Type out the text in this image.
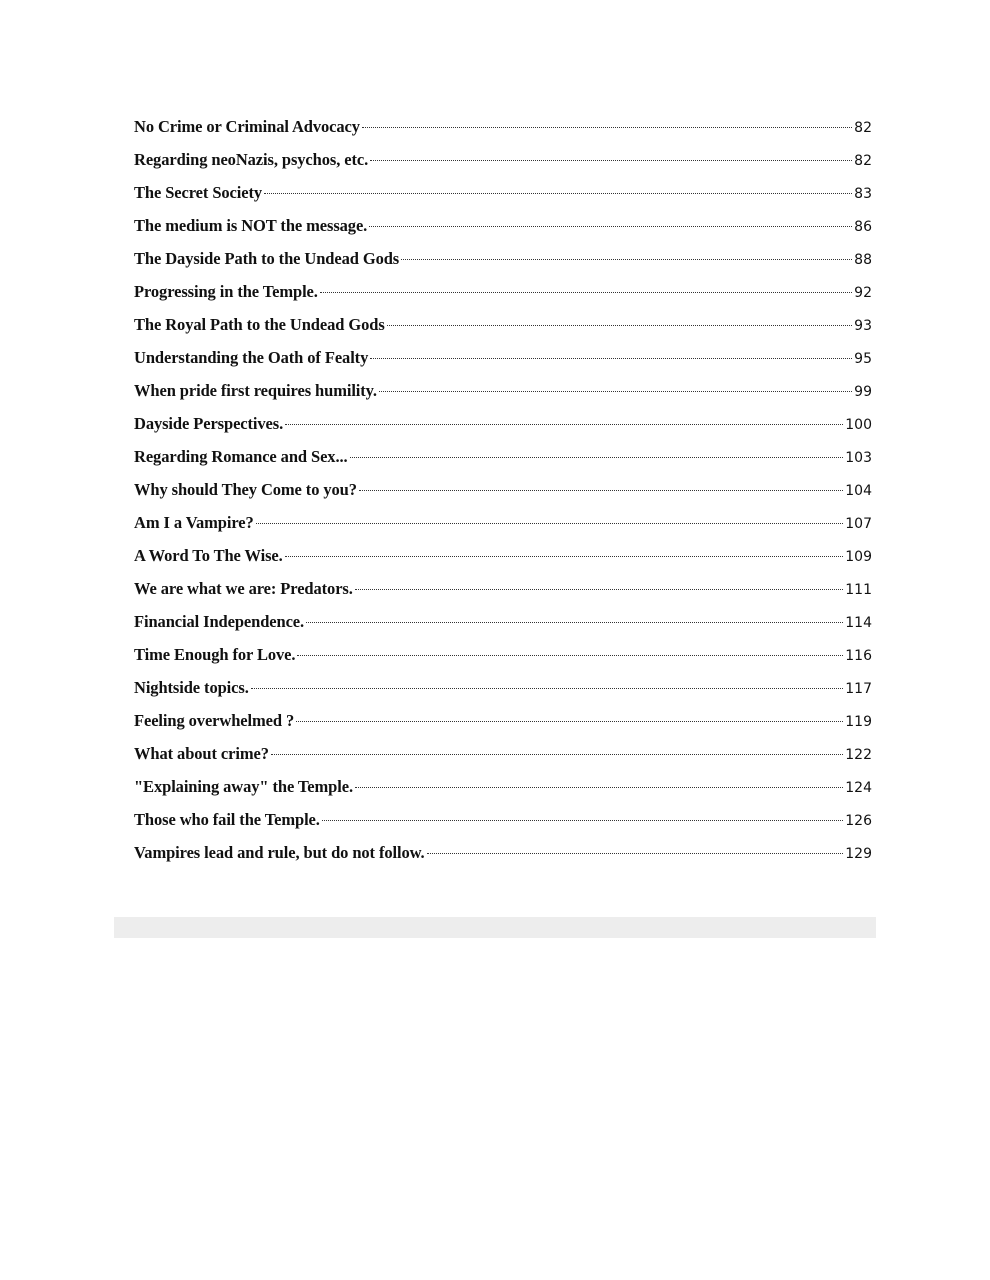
No Crime or Criminal Advocacy	82
Regarding neoNazis, psychos, etc.	82
The Secret Society	83
The medium is NOT the message.	86
The Dayside Path to the Undead Gods	88
Progressing in the Temple.	92
The Royal Path to the Undead Gods	93
Understanding the Oath of Fealty	95
When pride first requires humility.	99
Dayside Perspectives.	100
Regarding Romance and Sex...	103
Why should They Come to you?	104
Am I a Vampire?	107
A Word To The Wise.	109
We are what we are: Predators.	111
Financial Independence.	114
Time Enough for Love.	116
Nightside topics.	117
Feeling overwhelmed ?	119
What about crime?	122
"Explaining away" the Temple.	124
Those who fail the Temple.	126
Vampires lead and rule, but do not follow.	129
